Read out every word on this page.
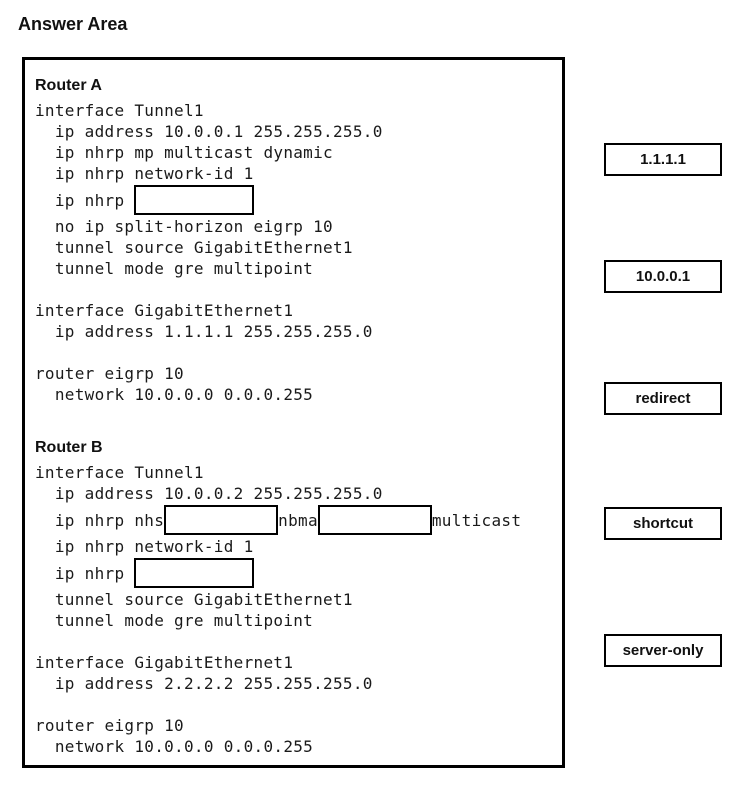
Answer Area
Router A
interface Tunnel1
ip address 10.0.0.1 255.255.255.0
ip nhrp mp multicast dynamic
ip nhrp network-id 1
ip nhrp
no ip split-horizon eigrp 10
tunnel source GigabitEthernet1
tunnel mode gre multipoint

interface GigabitEthernet1
ip address 1.1.1.1 255.255.255.0

router eigrp 10
network 10.0.0.0 0.0.0.255

Router B
interface Tunnel1
ip address 10.0.0.2 255.255.255.0
ip nhrp nhs	nbma	multicast
ip nhrp network-id 1
ip nhrp
tunnel source GigabitEthernet1
tunnel mode gre multipoint

interface GigabitEthernet1
ip address 2.2.2.2 255.255.255.0

router eigrp 10
network 10.0.0.0 0.0.0.255
1.1.1.1
10.0.0.1
redirect
shortcut
server-only
